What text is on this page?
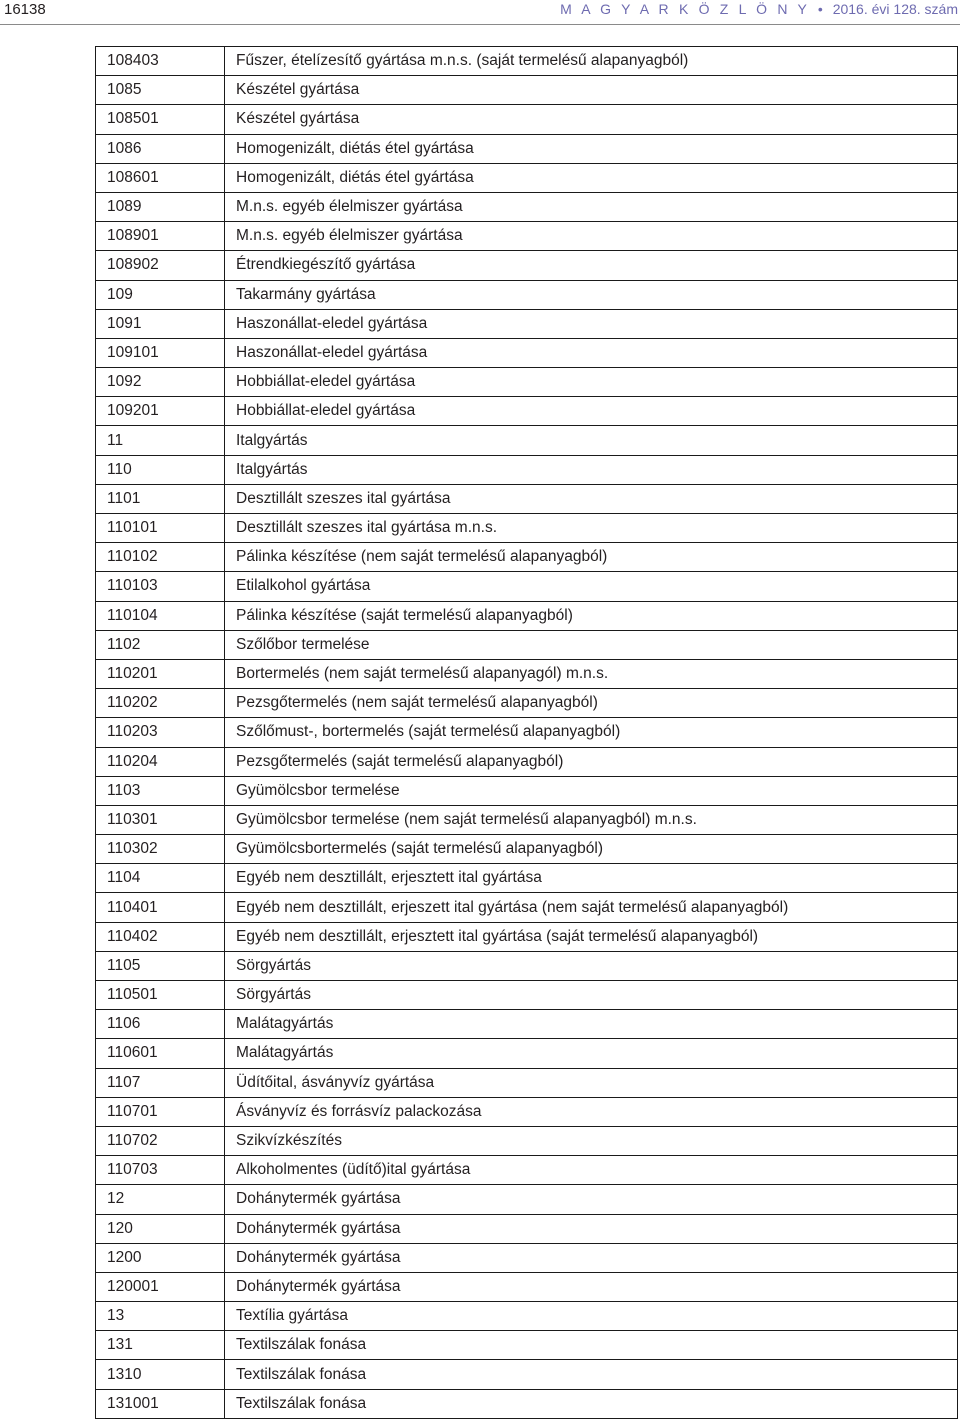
16138	M A G Y A R K Ö Z L Ö N Y • 2016. évi 128. szám
108403	Fűszer, ételízesítő gyártása m.n.s. (saját termelésű alapanyagból)
1085	Készétel gyártása
108501	Készétel gyártása
1086	Homogenizált, diétás étel gyártása
108601	Homogenizált, diétás étel gyártása
1089	M.n.s. egyéb élelmiszer gyártása
108901	M.n.s. egyéb élelmiszer gyártása
108902	Étrendkiegészítő gyártása
109	Takarmány gyártása
1091	Haszonállat-eledel gyártása
109101	Haszonállat-eledel gyártása
1092	Hobbiállat-eledel gyártása
109201	Hobbiállat-eledel gyártása
11	Italgyártás
110	Italgyártás
1101	Desztillált szeszes ital gyártása
110101	Desztillált szeszes ital gyártása m.n.s.
110102	Pálinka készítése (nem saját termelésű alapanyagból)
110103	Etilalkohol gyártása
110104	Pálinka készítése (saját termelésű alapanyagból)
1102	Szőlőbor termelése
110201	Bortermelés (nem saját termelésű alapanyagól) m.n.s.
110202	Pezsgőtermelés (nem saját termelésű alapanyagból)
110203	Szőlőmust-, bortermelés (saját termelésű alapanyagból)
110204	Pezsgőtermelés (saját termelésű alapanyagból)
1103	Gyümölcsbor termelése
110301	Gyümölcsbor termelése (nem saját termelésű alapanyagból) m.n.s.
110302	Gyümölcsbortermelés (saját termelésű alapanyagból)
1104	Egyéb nem desztillált, erjesztett ital gyártása
110401	Egyéb nem desztillált, erjeszett ital gyártása (nem saját termelésű alapanyagból)
110402	Egyéb nem desztillált, erjesztett ital gyártása (saját termelésű alapanyagból)
1105	Sörgyártás
110501	Sörgyártás
1106	Malátagyártás
110601	Malátagyártás
1107	Üdítőital, ásványvíz gyártása
110701	Ásványvíz és forrásvíz palackozása
110702	Szikvízkészítés
110703	Alkoholmentes (üdítő)ital gyártása
12	Dohánytermék gyártása
120	Dohánytermék gyártása
1200	Dohánytermék gyártása
120001	Dohánytermék gyártása
13	Textília gyártása
131	Textilszálak fonása
1310	Textilszálak fonása
131001	Textilszálak fonása
